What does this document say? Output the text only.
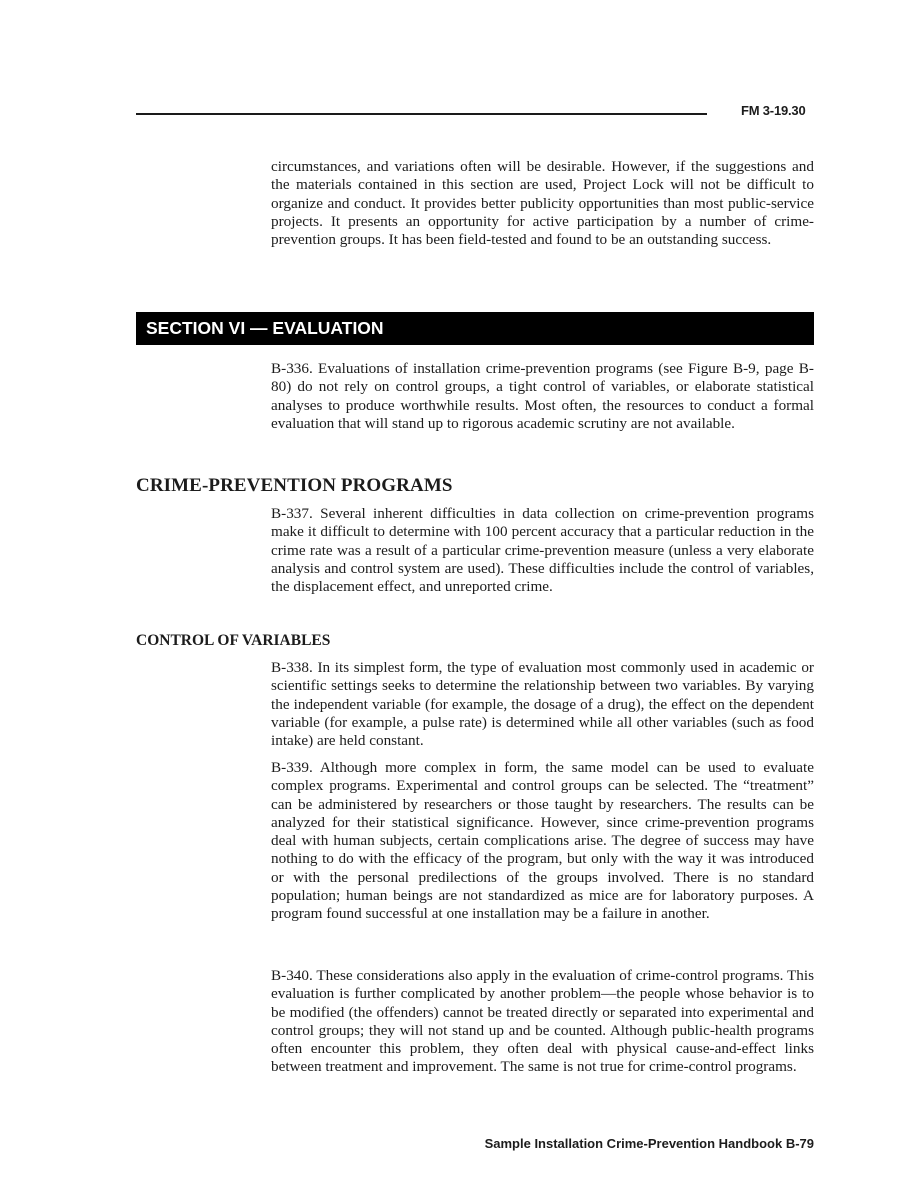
FM 3-19.30

circumstances, and variations often will be desirable. However, if the suggestions and the materials contained in this section are used, Project Lock will not be difficult to organize and conduct. It provides better publicity opportunities than most public-service projects. It presents an opportunity for active participation by a number of crime-prevention groups. It has been field-tested and found to be an outstanding success.

SECTION VI — EVALUATION

B-336. Evaluations of installation crime-prevention programs (see Figure B-9, page B-80) do not rely on control groups, a tight control of variables, or elaborate statistical analyses to produce worthwhile results. Most often, the resources to conduct a formal evaluation that will stand up to rigorous academic scrutiny are not available.

CRIME-PREVENTION PROGRAMS

B-337. Several inherent difficulties in data collection on crime-prevention programs make it difficult to determine with 100 percent accuracy that a particular reduction in the crime rate was a result of a particular crime-prevention measure (unless a very elaborate analysis and control system are used). These difficulties include the control of variables, the displacement effect, and unreported crime.

CONTROL OF VARIABLES

B-338. In its simplest form, the type of evaluation most commonly used in academic or scientific settings seeks to determine the relationship between two variables. By varying the independent variable (for example, the dosage of a drug), the effect on the dependent variable (for example, a pulse rate) is determined while all other variables (such as food intake) are held constant.

B-339. Although more complex in form, the same model can be used to evaluate complex programs. Experimental and control groups can be selected. The “treatment” can be administered by researchers or those taught by researchers. The results can be analyzed for their statistical significance. However, since crime-prevention programs deal with human subjects, certain complications arise. The degree of success may have nothing to do with the efficacy of the program, but only with the way it was introduced or with the personal predilections of the groups involved. There is no standard population; human beings are not standardized as mice are for laboratory purposes. A program found successful at one installation may be a failure in another.

B-340. These considerations also apply in the evaluation of crime-control programs. This evaluation is further complicated by another problem—the people whose behavior is to be modified (the offenders) cannot be treated directly or separated into experimental and control groups; they will not stand up and be counted. Although public-health programs often encounter this problem, they often deal with physical cause-and-effect links between treatment and improvement. The same is not true for crime-control programs.

Sample Installation Crime-Prevention Handbook B-79
